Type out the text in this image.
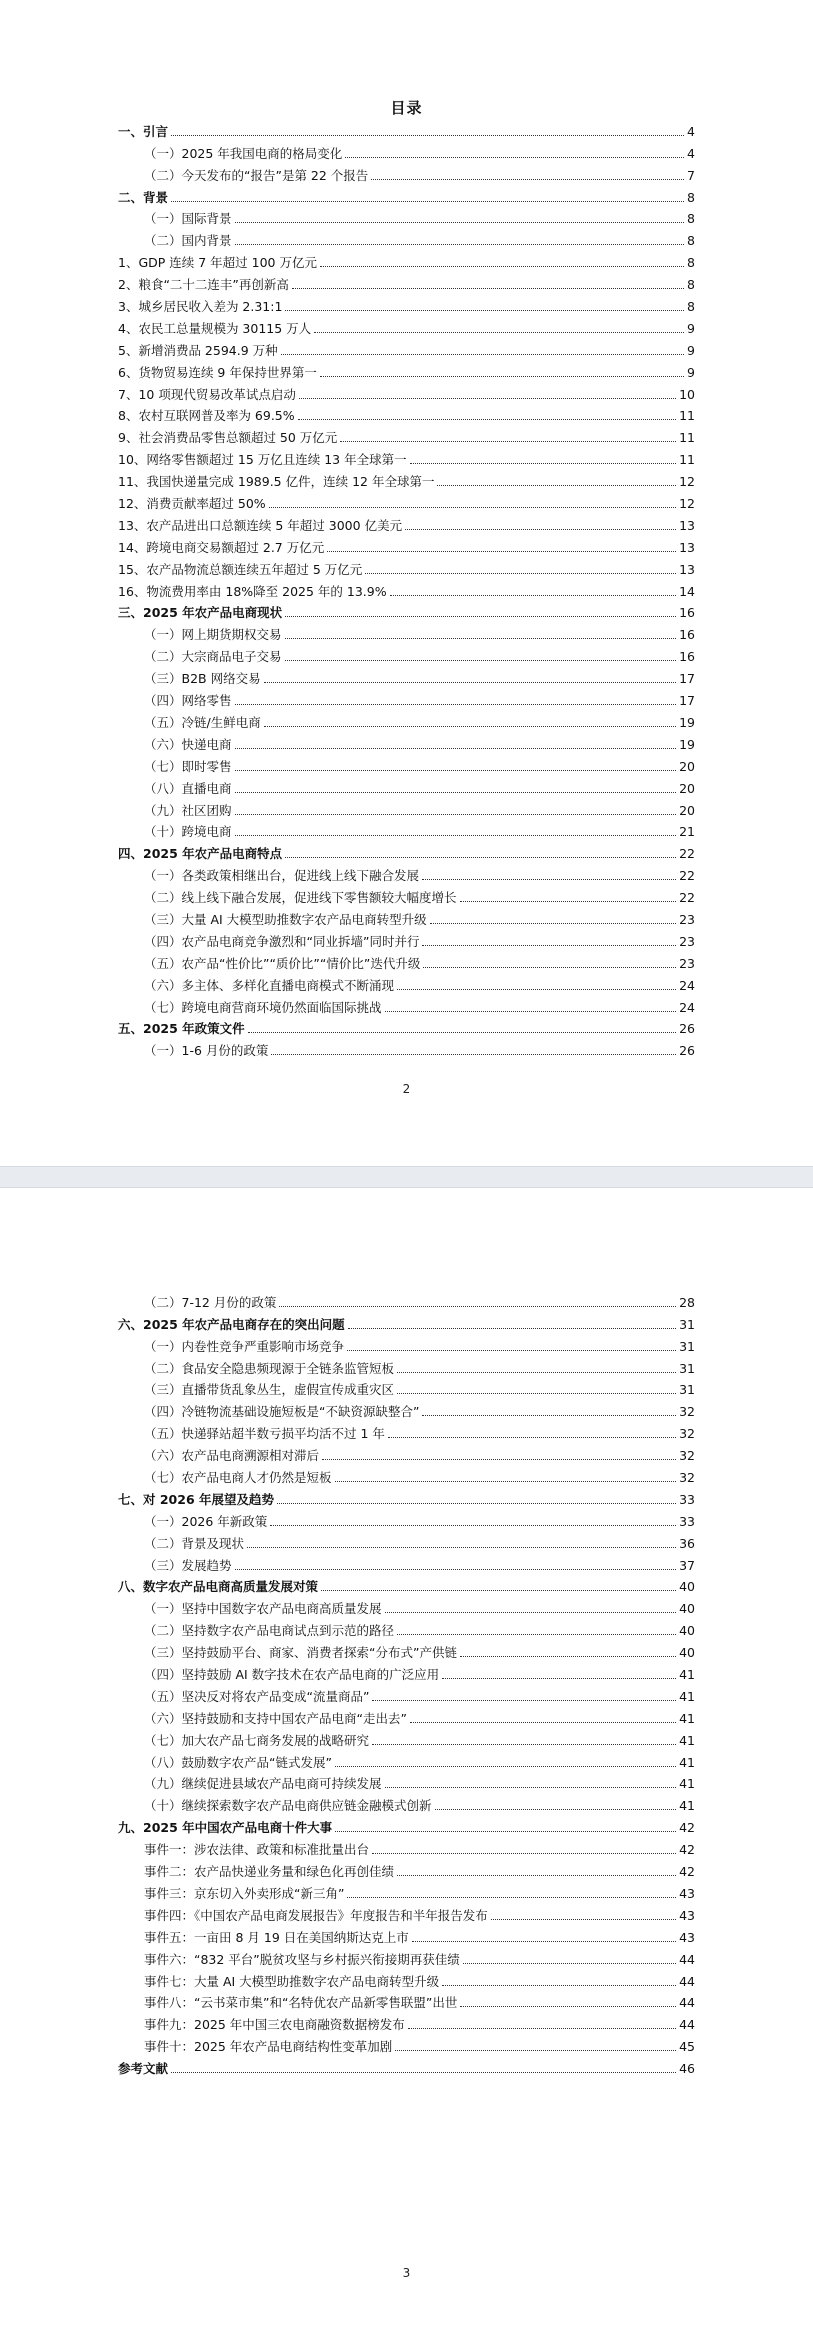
目录
一、引言	4
（一）2025 年我国电商的格局变化	4
（二）今天发布的“报告”是第 22 个报告	7
二、背景	8
（一）国际背景	8
（二）国内背景	8
1、GDP 连续 7 年超过 100 万亿元	8
2、粮食“二十二连丰”再创新高	8
3、城乡居民收入差为 2.31:1	8
4、农民工总量规模为 30115 万人	9
5、新增消费品 2594.9 万种	9
6、货物贸易连续 9 年保持世界第一	9
7、10 项现代贸易改革试点启动	10
8、农村互联网普及率为 69.5%	11
9、社会消费品零售总额超过 50 万亿元	11
10、网络零售额超过 15 万亿且连续 13 年全球第一	11
11、我国快递量完成 1989.5 亿件，连续 12 年全球第一	12
12、消费贡献率超过 50%	12
13、农产品进出口总额连续 5 年超过 3000 亿美元	13
14、跨境电商交易额超过 2.7 万亿元	13
15、农产品物流总额连续五年超过 5 万亿元	13
16、物流费用率由 18%降至 2025 年的 13.9%	14
三、2025 年农产品电商现状	16
（一）网上期货期权交易	16
（二）大宗商品电子交易	16
（三）B2B 网络交易	17
（四）网络零售	17
（五）冷链/生鲜电商	19
（六）快递电商	19
（七）即时零售	20
（八）直播电商	20
（九）社区团购	20
（十）跨境电商	21
四、2025 年农产品电商特点	22
（一）各类政策相继出台，促进线上线下融合发展	22
（二）线上线下融合发展，促进线下零售额较大幅度增长	22
（三）大量 AI 大模型助推数字农产品电商转型升级	23
（四）农产品电商竞争激烈和“同业拆墙”同时并行	23
（五）农产品“性价比”“质价比”“情价比”迭代升级	23
（六）多主体、多样化直播电商模式不断涌现	24
（七）跨境电商营商环境仍然面临国际挑战	24
五、2025 年政策文件	26
（一）1-6 月份的政策	26
2
（二）7-12 月份的政策	28
六、2025 年农产品电商存在的突出问题	31
（一）内卷性竞争严重影响市场竞争	31
（二）食品安全隐患频现源于全链条监管短板	31
（三）直播带货乱象丛生，虚假宣传成重灾区	31
（四）冷链物流基础设施短板是“不缺资源缺整合”	32
（五）快递驿站超半数亏损平均活不过 1 年	32
（六）农产品电商溯源相对滞后	32
（七）农产品电商人才仍然是短板	32
七、对 2026 年展望及趋势	33
（一）2026 年新政策	33
（二）背景及现状	36
（三）发展趋势	37
八、数字农产品电商高质量发展对策	40
（一）坚持中国数字农产品电商高质量发展	40
（二）坚持数字农产品电商试点到示范的路径	40
（三）坚持鼓励平台、商家、消费者探索“分布式”产供链	40
（四）坚持鼓励 AI 数字技术在农产品电商的广泛应用	41
（五）坚决反对将农产品变成“流量商品”	41
（六）坚持鼓励和支持中国农产品电商“走出去”	41
（七）加大农产品七商务发展的战略研究	41
（八）鼓励数字农产品“链式发展”	41
（九）继续促进县域农产品电商可持续发展	41
（十）继续探索数字农产品电商供应链金融模式创新	41
九、2025 年中国农产品电商十件大事	42
事件一：涉农法律、政策和标准批量出台	42
事件二：农产品快递业务量和绿色化再创佳绩	42
事件三：京东切入外卖形成“新三角”	43
事件四：《中国农产品电商发展报告》年度报告和半年报告发布	43
事件五：一亩田 8 月 19 日在美国纳斯达克上市	43
事件六：“832 平台”脱贫攻坚与乡村振兴衔接期再获佳绩	44
事件七：大量 AI 大模型助推数字农产品电商转型升级	44
事件八：“云书菜市集”和“名特优农产品新零售联盟”出世	44
事件九：2025 年中国三农电商融资数据榜发布	44
事件十：2025 年农产品电商结构性变革加剧	45
参考文献	46
3
